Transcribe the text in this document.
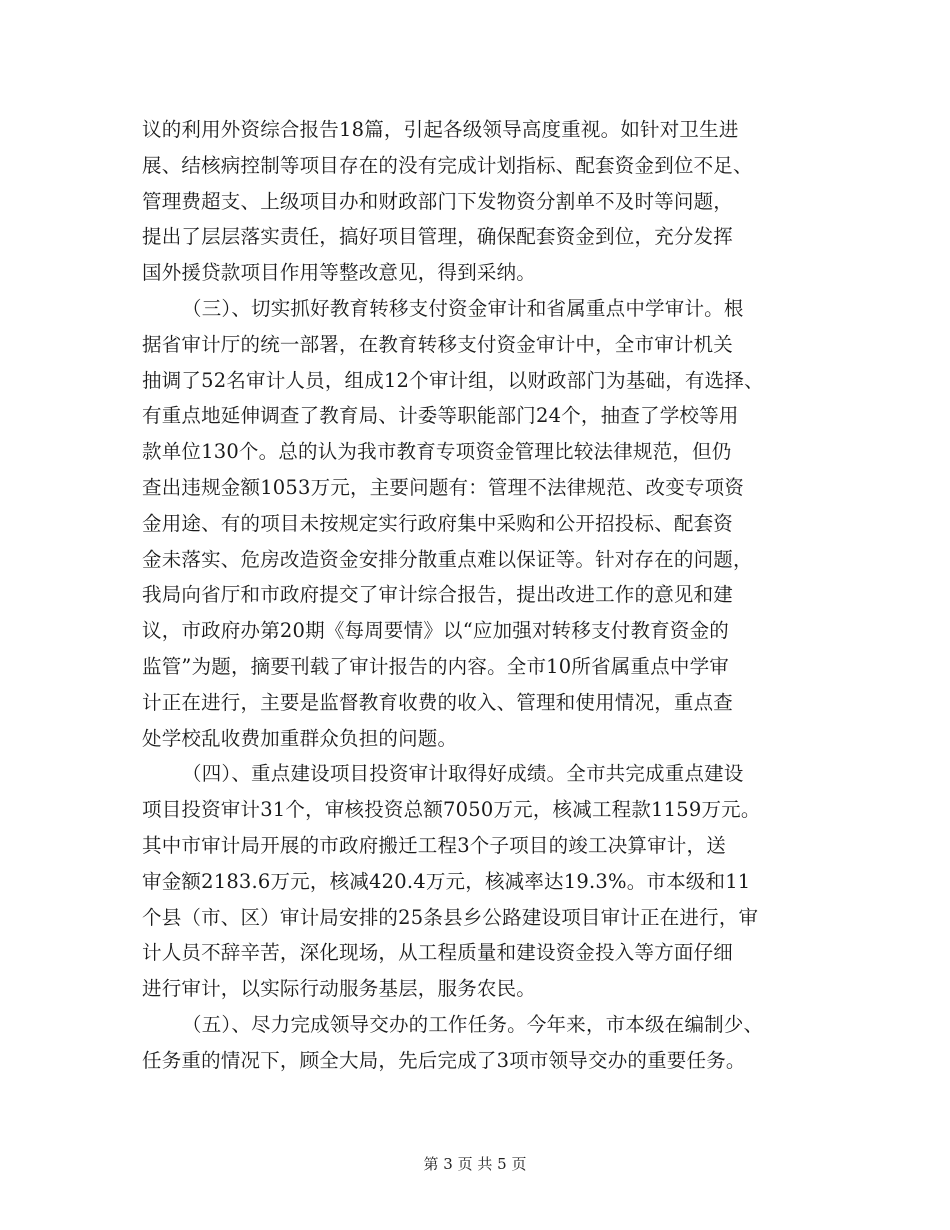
议的利用外资综合报告18篇，引起各级领导高度重视。如针对卫生进
展、结核病控制等项目存在的没有完成计划指标、配套资金到位不足、
管理费超支、上级项目办和财政部门下发物资分割单不及时等问题，
提出了层层落实责任，搞好项目管理，确保配套资金到位，充分发挥
国外援贷款项目作用等整改意见，得到采纳。

（三）、切实抓好教育转移支付资金审计和省属重点中学审计。根
据省审计厅的统一部署，在教育转移支付资金审计中，全市审计机关
抽调了52名审计人员，组成12个审计组，以财政部门为基础，有选择、
有重点地延伸调查了教育局、计委等职能部门24个，抽查了学校等用
款单位130个。总的认为我市教育专项资金管理比较法律规范，但仍
查出违规金额1053万元，主要问题有：管理不法律规范、改变专项资
金用途、有的项目未按规定实行政府集中采购和公开招投标、配套资
金未落实、危房改造资金安排分散重点难以保证等。针对存在的问题，
我局向省厅和市政府提交了审计综合报告，提出改进工作的意见和建
议，市政府办第20期《每周要情》以“应加强对转移支付教育资金的
监管”为题，摘要刊载了审计报告的内容。全市10所省属重点中学审
计正在进行，主要是监督教育收费的收入、管理和使用情况，重点查
处学校乱收费加重群众负担的问题。

（四）、重点建设项目投资审计取得好成绩。全市共完成重点建设
项目投资审计31个，审核投资总额7050万元，核减工程款1159万元。
其中市审计局开展的市政府搬迁工程3个子项目的竣工决算审计，送
审金额2183.6万元，核减420.4万元，核减率达19.3%。市本级和11
个县（市、区）审计局安排的25条县乡公路建设项目审计正在进行，审
计人员不辞辛苦，深化现场，从工程质量和建设资金投入等方面仔细
进行审计，以实际行动服务基层，服务农民。

（五）、尽力完成领导交办的工作任务。今年来，市本级在编制少、
任务重的情况下，顾全大局，先后完成了3项市领导交办的重要任务。

第 3 页 共 5 页
